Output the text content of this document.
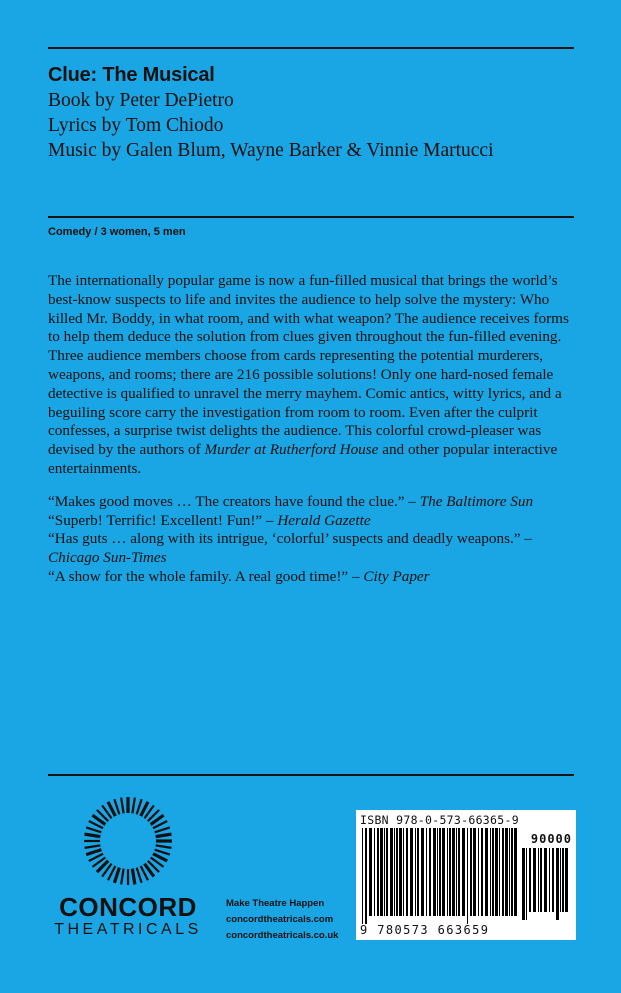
Clue: The Musical
Book by Peter DePietro
Lyrics by Tom Chiodo
Music by Galen Blum, Wayne Barker & Vinnie Martucci
Comedy / 3 women, 5 men

The internationally popular game is now a fun-filled musical that brings the world’s best-know suspects to life and invites the audience to help solve the mystery: Who killed Mr. Boddy, in what room, and with what weapon? The audience receives forms to help them deduce the solution from clues given throughout the fun-filled evening. Three audience members choose from cards representing the potential murderers, weapons, and rooms; there are 216 possible solutions! Only one hard-nosed female detective is qualified to unravel the merry mayhem. Comic antics, witty lyrics, and a beguiling score carry the investigation from room to room. Even after the culprit confesses, a surprise twist delights the audience. This colorful crowd-pleaser was devised by the authors of Murder at Rutherford House and other popular interactive entertainments.

“Makes good moves … The creators have found the clue.” – The Baltimore Sun

“Superb! Terrific! Excellent! Fun!” – Herald Gazette

“Has guts … along with its intrigue, ‘colorful’ suspects and deadly weapons.” – Chicago Sun-Times

“A show for the whole family. A real good time!” – City Paper

CONCORD
THEATRICALS
Make Theatre Happen
concordtheatricals.com
concordtheatricals.co.uk
ISBN 978-0-573-66365-9
90000
9 780573 663659
